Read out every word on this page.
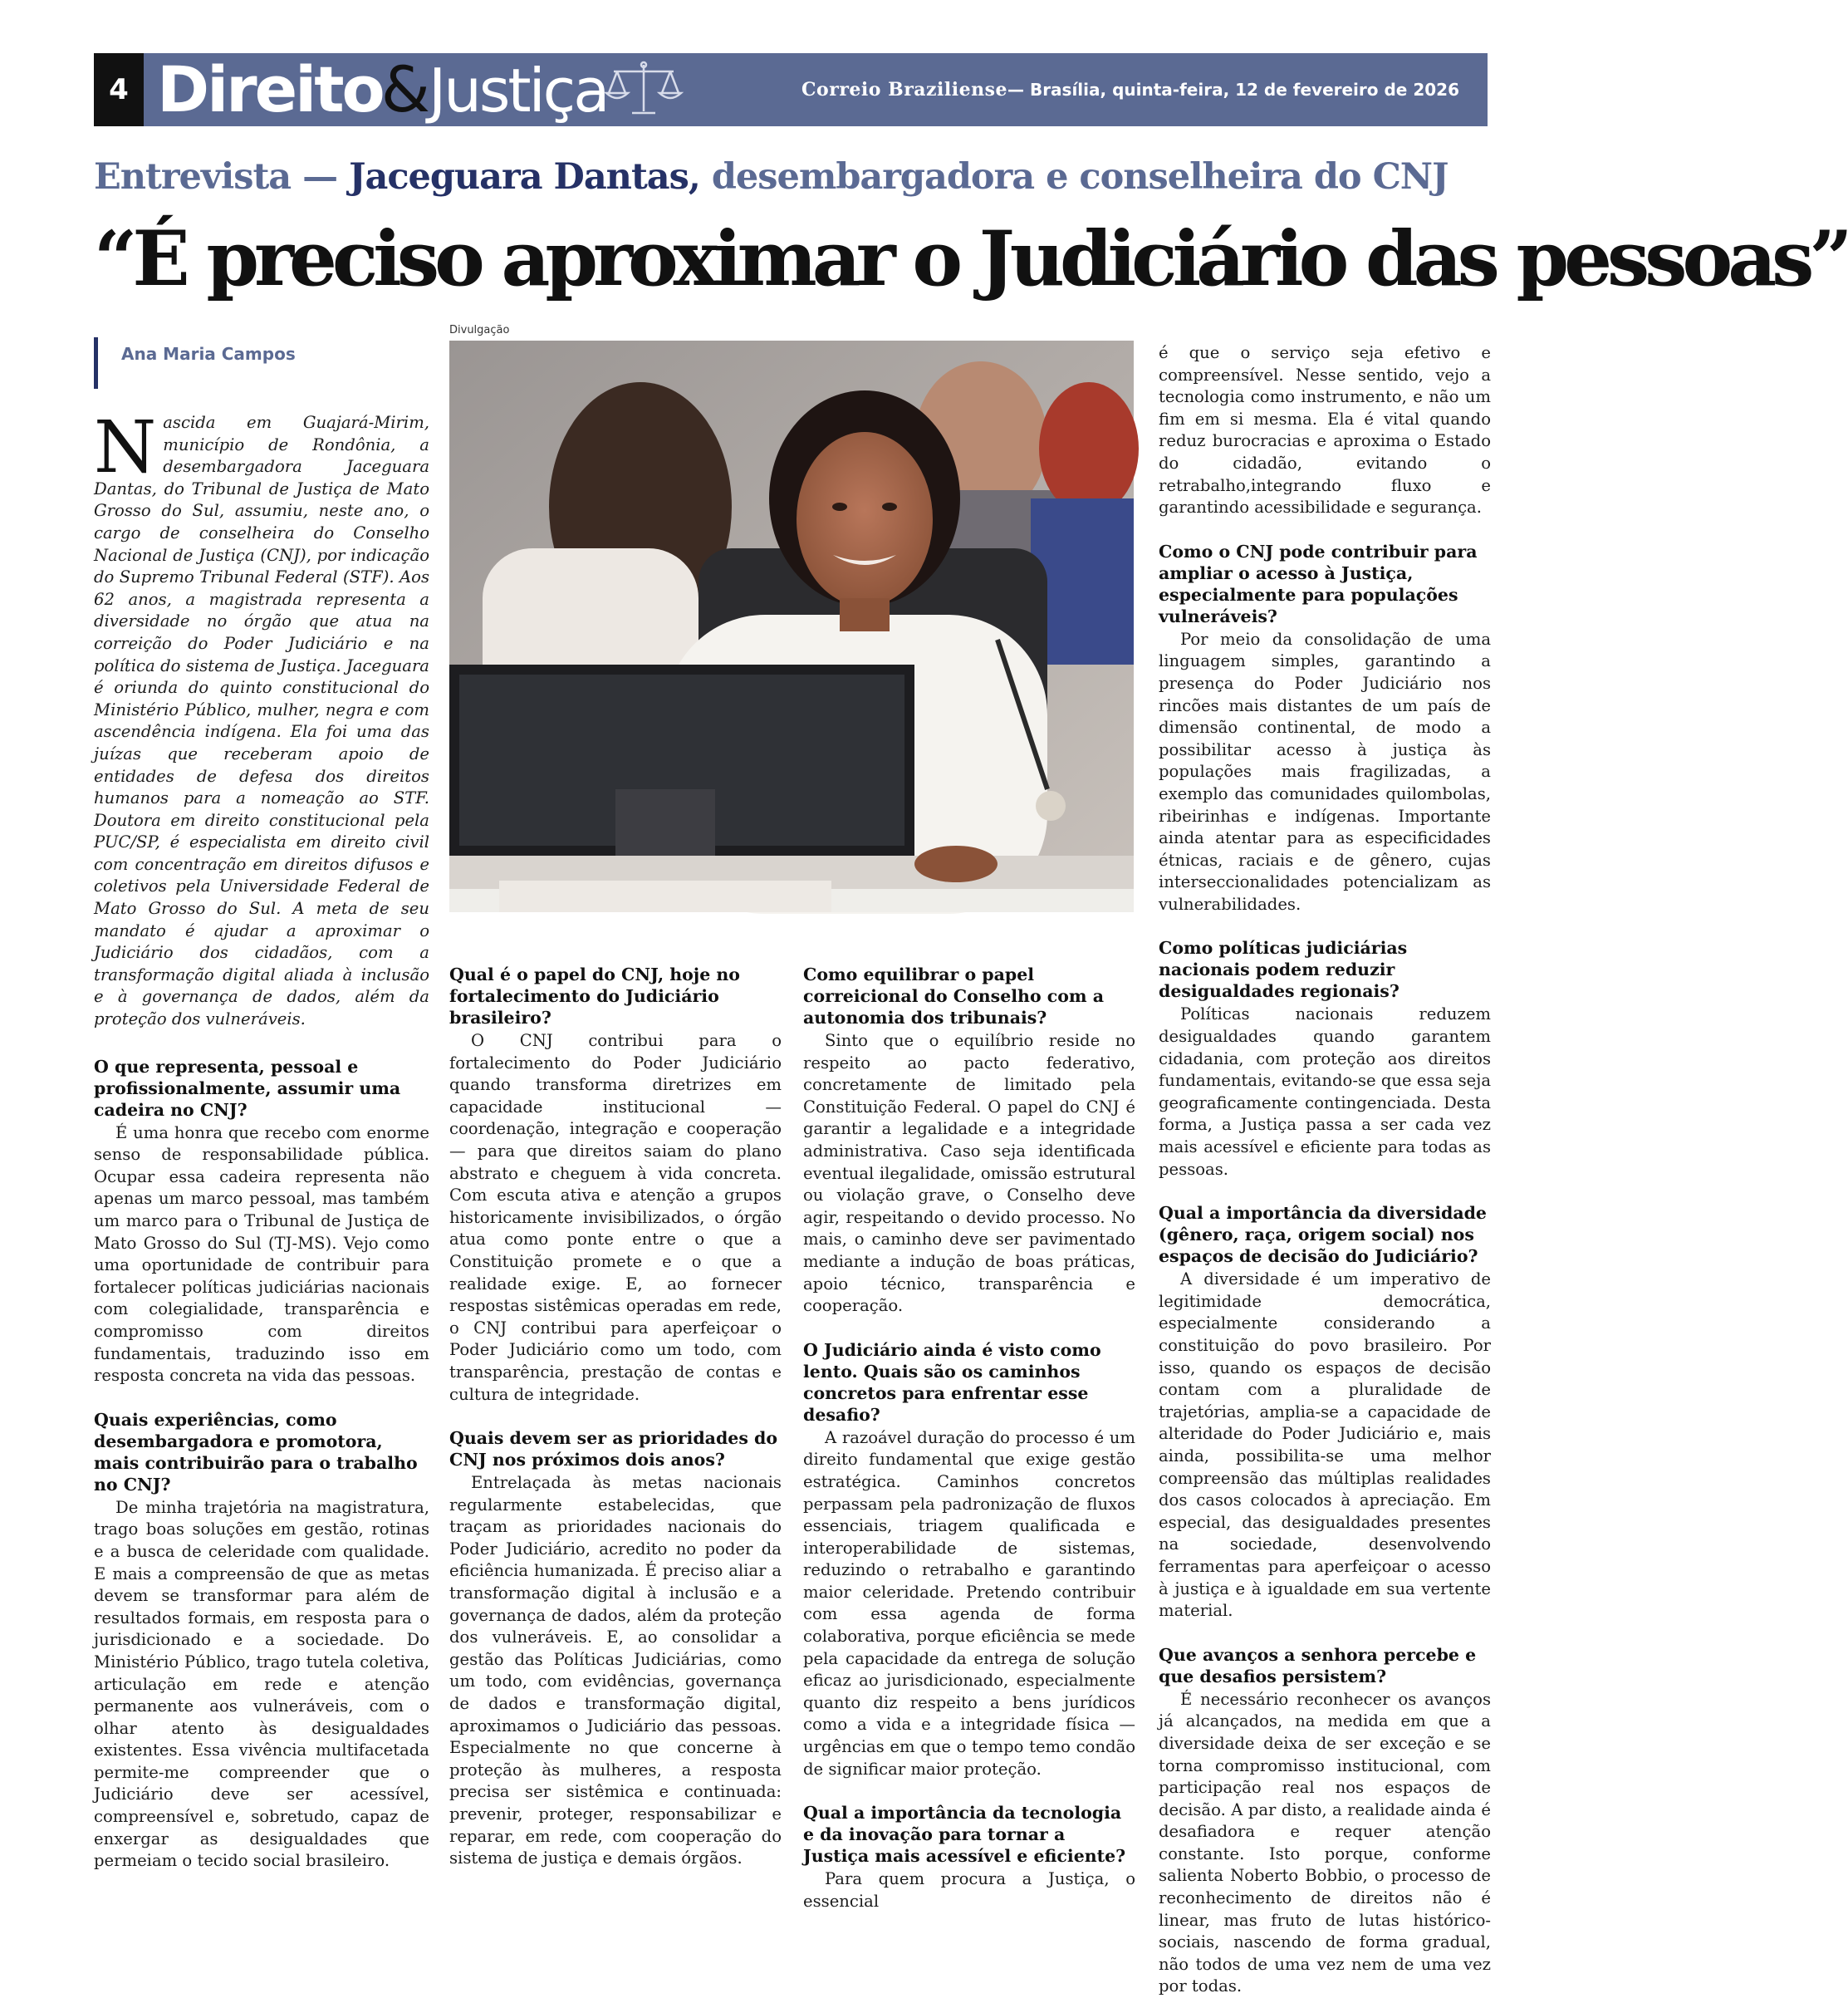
4 Direito
&
Justiça	Correio Braziliense — Brasília, quinta-feira, 12 de fevereiro de 2026
Entrevista — Jaceguara Dantas, desembargadora e conselheira do CNJ
“É preciso aproximar o Judiciário das pessoas”
Ana Maria Campos
Divulgação

Nascida em Guajará-Mirim, município de Rondônia, a desembargadora Jaceguara Dantas, do Tribunal de Justiça de Mato Grosso do Sul, assumiu, neste ano, o cargo de conselheira do Conselho Nacional de Justiça (CNJ), por indicação do Supremo Tribunal Federal (STF). Aos 62 anos, a magistrada representa a diversidade no órgão que atua na correição do Poder Judiciário e na política do sistema de Justiça. Jaceguara é oriunda do quinto constitucional do Ministério Público, mulher, negra e com ascendência indígena. Ela foi uma das juízas que receberam apoio de entidades de defesa dos direitos humanos para a nomeação ao STF. Doutora em direito constitucional pela PUC/SP, é especialista em direito civil com concentração em direitos difusos e coletivos pela Universidade Federal de Mato Grosso do Sul. A meta de seu mandato é ajudar a aproximar o Judiciário dos cidadãos, com a transformação digital aliada à inclusão e à governança de dados, além da proteção dos vulneráveis.

O que representa, pessoal e profissionalmente, assumir uma cadeira no CNJ?

É uma honra que recebo com enorme senso de responsabilidade pública. Ocupar essa cadeira representa não apenas um marco pessoal, mas também um marco para o Tribunal de Justiça de Mato Grosso do Sul (TJ-MS). Vejo como uma oportunidade de contribuir para fortalecer políticas judiciárias nacionais com colegialidade, transparência e compromisso com direitos fundamentais, traduzindo isso em resposta concreta na vida das pessoas.

Quais experiências, como desembargadora e promotora, mais contribuirão para o trabalho no CNJ?

De minha trajetória na magistratura, trago boas soluções em gestão, rotinas e a busca de celeridade com qualidade. E mais a compreensão de que as metas devem se transformar para além de resultados formais, em resposta para o jurisdicionado e a sociedade. Do Ministério Público, trago tutela coletiva, articulação em rede e atenção permanente aos vulneráveis, com o olhar atento às desigualdades existentes. Essa vivência multifacetada permite-me compreender que o Judiciário deve ser acessível, compreensível e, sobretudo, capaz de enxergar as desigualdades que permeiam o tecido social brasileiro.

Qual é o papel do CNJ, hoje no fortalecimento do Judiciário brasileiro?

O CNJ contribui para o fortalecimento do Poder Judiciário quando transforma diretrizes em capacidade institucional — coordenação, integração e cooperação — para que direitos saiam do plano abstrato e cheguem à vida concreta. Com escuta ativa e atenção a grupos historicamente invisibilizados, o órgão atua como ponte entre o que a Constituição promete e o que a realidade exige. E, ao fornecer respostas sistêmicas operadas em rede, o CNJ contribui para aperfeiçoar o Poder Judiciário como um todo, com transparência, prestação de contas e cultura de integridade.

Quais devem ser as prioridades do CNJ nos próximos dois anos?

Entrelaçada às metas nacionais regularmente estabelecidas, que traçam as prioridades nacionais do Poder Judiciário, acredito no poder da eficiência humanizada. É preciso aliar a transformação digital à inclusão e a governança de dados, além da proteção dos vulneráveis. E, ao consolidar a gestão das Políticas Judiciárias, como um todo, com evidências, governança de dados e transformação digital, aproximamos o Judiciário das pessoas. Especialmente no que concerne à proteção às mulheres, a resposta precisa ser sistêmica e continuada: prevenir, proteger, responsabilizar e reparar, em rede, com cooperação do sistema de justiça e demais órgãos.

Como equilibrar o papel correicional do Conselho com a autonomia dos tribunais?

Sinto que o equilíbrio reside no respeito ao pacto federativo, concretamente de limitado pela Constituição Federal. O papel do CNJ é garantir a legalidade e a integridade administrativa. Caso seja identificada eventual ilegalidade, omissão estrutural ou violação grave, o Conselho deve agir, respeitando o devido processo. No mais, o caminho deve ser pavimentado mediante a indução de boas práticas, apoio técnico, transparência e cooperação.

O Judiciário ainda é visto como lento. Quais são os caminhos concretos para enfrentar esse desafio?

A razoável duração do processo é um direito fundamental que exige gestão estratégica. Caminhos concretos perpassam pela padronização de fluxos essenciais, triagem qualificada e interoperabilidade de sistemas, reduzindo o retrabalho e garantindo maior celeridade. Pretendo contribuir com essa agenda de forma colaborativa, porque eficiência se mede pela capacidade da entrega de solução eficaz ao jurisdicionado, especialmente quanto diz respeito a bens jurídicos como a vida e a integridade física — urgências em que o tempo temo condão de significar maior proteção.

Qual a importância da tecnologia e da inovação para tornar a Justiça mais acessível e eficiente?

Para quem procura a Justiça, o essencial

é que o serviço seja efetivo e compreensível. Nesse sentido, vejo a tecnologia como instrumento, e não um fim em si mesma. Ela é vital quando reduz burocracias e aproxima o Estado do cidadão, evitando o retrabalho,integrando fluxo e garantindo acessibilidade e segurança.

Como o CNJ pode contribuir para ampliar o acesso à Justiça, especialmente para populações vulneráveis?

Por meio da consolidação de uma linguagem simples, garantindo a presença do Poder Judiciário nos rincões mais distantes de um país de dimensão continental, de modo a possibilitar acesso à justiça às populações mais fragilizadas, a exemplo das comunidades quilombolas, ribeirinhas e indígenas. Importante ainda atentar para as especificidades étnicas, raciais e de gênero, cujas interseccionalidades potencializam as vulnerabilidades.

Como políticas judiciárias nacionais podem reduzir desigualdades regionais?

Políticas nacionais reduzem desigualdades quando garantem cidadania, com proteção aos direitos fundamentais, evitando-se que essa seja geograficamente contingenciada. Desta forma, a Justiça passa a ser cada vez mais acessível e eficiente para todas as pessoas.

Qual a importância da diversidade (gênero, raça, origem social) nos espaços de decisão do Judiciário?

A diversidade é um imperativo de legitimidade democrática, especialmente considerando a constituição do povo brasileiro. Por isso, quando os espaços de decisão contam com a pluralidade de trajetórias, amplia-se a capacidade de alteridade do Poder Judiciário e, mais ainda, possibilita-se uma melhor compreensão das múltiplas realidades dos casos colocados à apreciação. Em especial, das desigualdades presentes na sociedade, desenvolvendo ferramentas para aperfeiçoar o acesso à justiça e à igualdade em sua vertente material.

Que avanços a senhora percebe e que desafios persistem?

É necessário reconhecer os avanços já alcançados, na medida em que a diversidade deixa de ser exceção e se torna compromisso institucional, com participação real nos espaços de decisão. A par disto, a realidade ainda é desafiadora e requer atenção constante. Isto porque, conforme salienta Noberto Bobbio, o processo de reconhecimento de direitos não é linear, mas fruto de lutas histórico-sociais, nascendo de forma gradual, não todos de uma vez nem de uma vez por todas.
